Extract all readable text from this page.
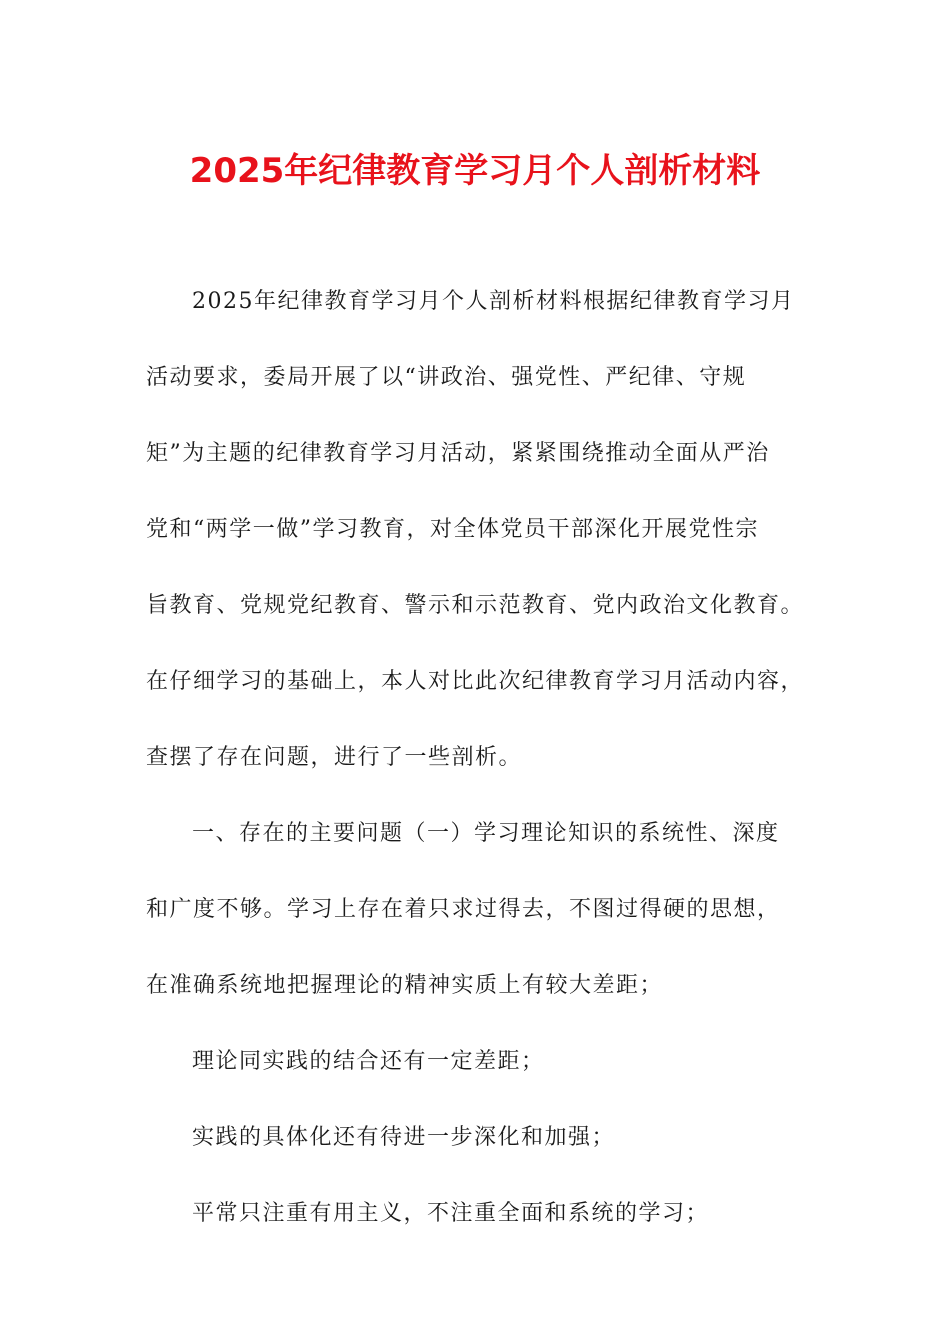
2025年纪律教育学习月个人剖析材料
2025年纪律教育学习月个人剖析材料根据纪律教育学习月
活动要求，委局开展了以“讲政治、强党性、严纪律、守规
矩”为主题的纪律教育学习月活动，紧紧围绕推动全面从严治
党和“两学一做”学习教育，对全体党员干部深化开展党性宗
旨教育、党规党纪教育、警示和示范教育、党内政治文化教育。
在仔细学习的基础上，本人对比此次纪律教育学习月活动内容，
查摆了存在问题，进行了一些剖析。
一、存在的主要问题（一）学习理论知识的系统性、深度
和广度不够。学习上存在着只求过得去，不图过得硬的思想，
在准确系统地把握理论的精神实质上有较大差距；
理论同实践的结合还有一定差距；
实践的具体化还有待进一步深化和加强；
平常只注重有用主义，不注重全面和系统的学习；
